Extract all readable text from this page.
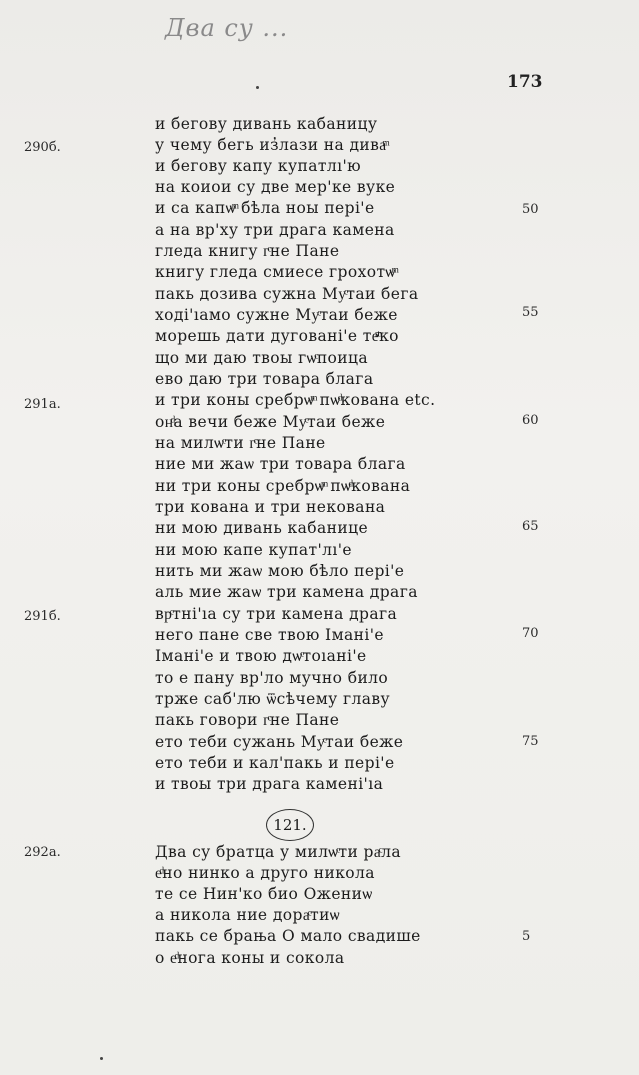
Два су ...
173
290б.
291а.
291б.
292а.
50
55
60
65
70
75
5
и бегову дивань кабаницу
у чему бегь из̓лази на диваͫ
и бегову капу купатлı'ю
на коиои су две мер'ке вуке
и са капѡͫ бѣла ноы пері'е
а на вр'ху три драга камена
гледа книгу гͨне Пане
книгу гледа смиесе грохотѡͫ
пакь дозива сужна Муͨтаи бега
ході'ıамо сужне Муͨтаи беже
морешь дати дуговані'е теͭͫко
що ми даю твоы гѡͨпоица
ево даю три товара блага
и три коны сребрѡͫ пѡͩкована etc.
онͩа вечи беже Муͨтаи беже
на милѡͨти гͨне Пане
ние ми жаѡ три товара блага
ни три коны сребрѡͫ пѡͩкована
три кована и три некована
ни мою дивань кабанице
ни мою капе купат'лı'е
нить ми жаѡ мою бѣло пері'е
аль мие жаѡ три камена драга
врͨтні'ıа су три камена драга
него пане све твою Імані'е
Імані'е и твою дѡͨтоıані'е
то е пану вр'ло мучно било
трже саб'лю ѿсѣчему главу
пакь говори гͨне Пане
ето теби сужань Муͨтаи беже
ето теби и кал'пакь и пері'е
и твоы три драга камені'ıа
121.
Два су братца у милѡͨти раͨла
еͩно нинко а друго никола
те се Нин'ко био Ожениѡ
а никола ние дораͨтиѡ
пакь се брања О мало свадише
о еͩнога коны и сокола
